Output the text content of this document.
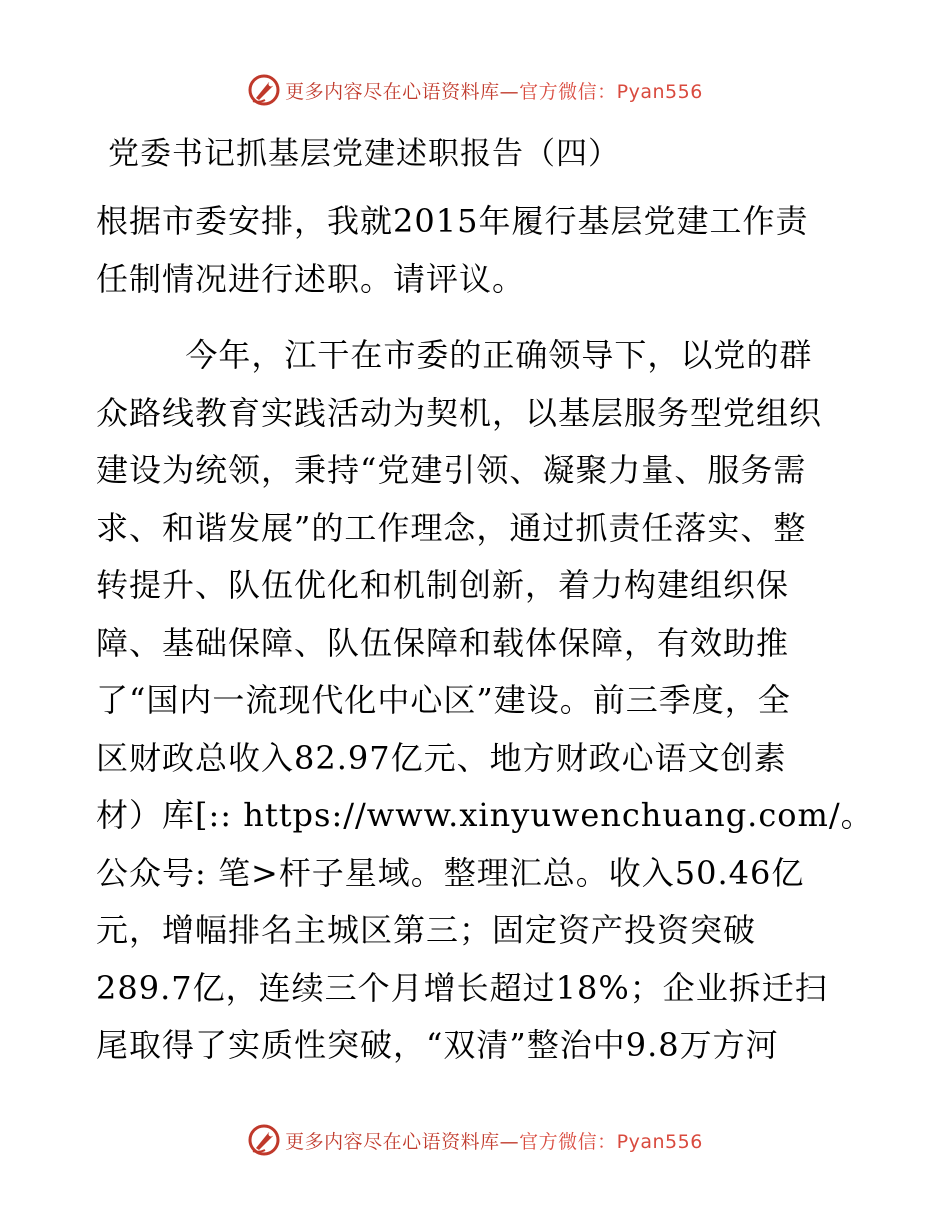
更多内容尽在心语资料库—官方微信：Pyan556
党委书记抓基层党建述职报告（四）
根据市委安排，我就2015年履行基层党建工作责
任制情况进行述职。请评议。
今年，江干在市委的正确领导下，以党的群
众路线教育实践活动为契机，以基层服务型党组织
建设为统领，秉持“党建引领、凝聚力量、服务需
求、和谐发展”的工作理念，通过抓责任落实、整
转提升、队伍优化和机制创新，着力构建组织保
障、基础保障、队伍保障和载体保障，有效助推
了“国内一流现代化中心区”建设。前三季度，全
区财政总收入82.97亿元、地方财政心语文创素
材）库[:: https://www.xinyuwenchuang.com/。
公众号: 笔>杆子星域。整理汇总。收入50.46亿
元，增幅排名主城区第三；固定资产投资突破
289.7亿，连续三个月增长超过18%；企业拆迁扫
尾取得了实质性突破，“双清”整治中9.8万方河
更多内容尽在心语资料库—官方微信：Pyan556
